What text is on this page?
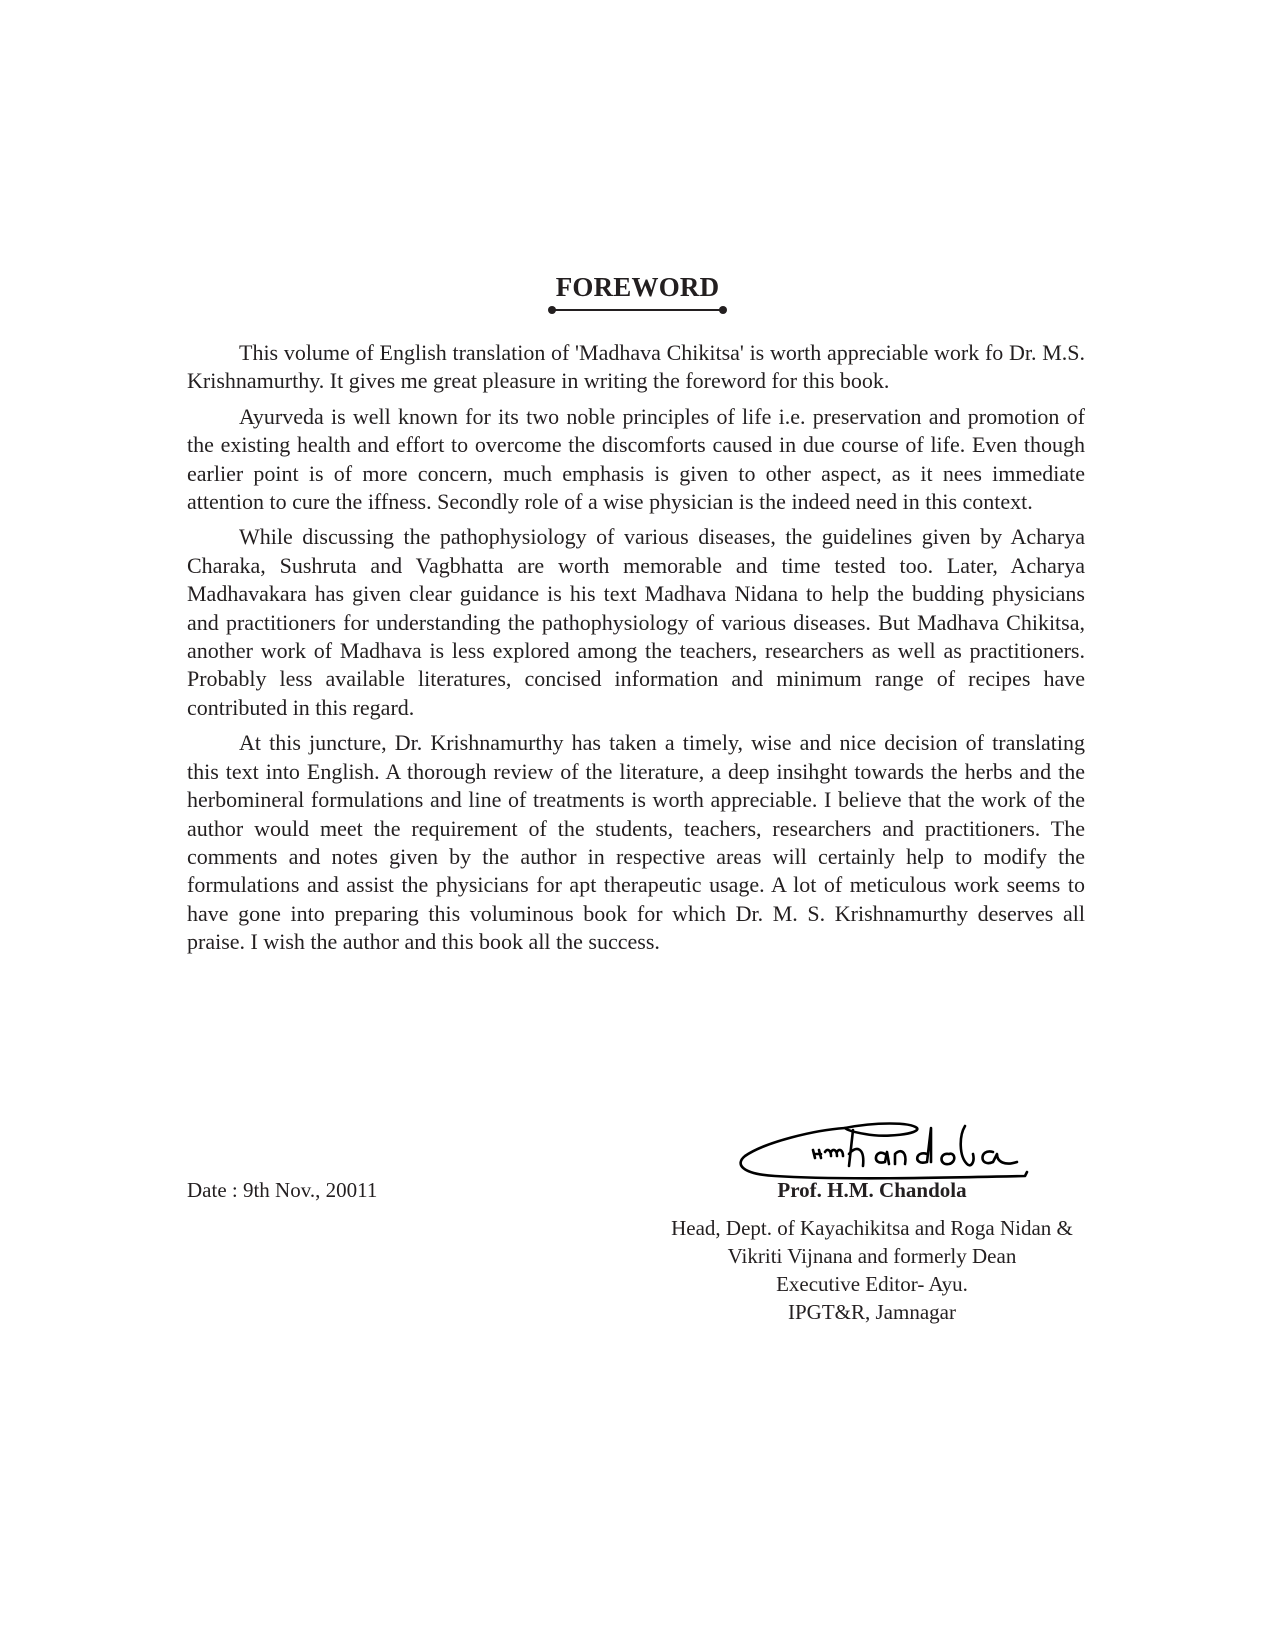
FOREWORD

This volume of English translation of 'Madhava Chikitsa' is worth appreciable work fo Dr. M.S. Krishnamurthy. It gives me great pleasure in writing the foreword for this book.

Ayurveda is well known for its two noble principles of life i.e. preservation and promotion of the existing health and effort to overcome the discomforts caused in due course of life. Even though earlier point is of more concern, much emphasis is given to other aspect, as it nees immediate attention to cure the iffness. Secondly role of a wise physician is the indeed need in this context.

While discussing the pathophysiology of various diseases, the guidelines given by Acharya Charaka, Sushruta and Vagbhatta are worth memorable and time tested too. Later, Acharya Madhavakara has given clear guidance is his text Madhava Nidana to help the budding physicians and practitioners for understanding the pathophysiology of various diseases. But Madhava Chikitsa, another work of Madhava is less explored among the teachers, researchers as well as practitioners. Probably less available literatures, concised information and minimum range of recipes have contributed in this regard.

At this juncture, Dr. Krishnamurthy has taken a timely, wise and nice decision of translating this text into English. A thorough review of the literature, a deep insihght towards the herbs and the herbomineral formulations and line of treatments is worth appreciable. I believe that the work of the author would meet the requirement of the students, teachers, researchers and practitioners. The comments and notes given by the author in respective areas will certainly help to modify the formulations and assist the physicians for apt therapeutic usage. A lot of meticulous work seems to have gone into preparing this voluminous book for which Dr. M. S. Krishnamurthy deserves all praise. I wish the author and this book all the success.

Date : 9th Nov., 20011	Prof. H.M. Chandola
Head, Dept. of Kayachikitsa and Roga Nidan &
Vikriti Vijnana and formerly Dean
Executive Editor- Ayu.
IPGT&R, Jamnagar
